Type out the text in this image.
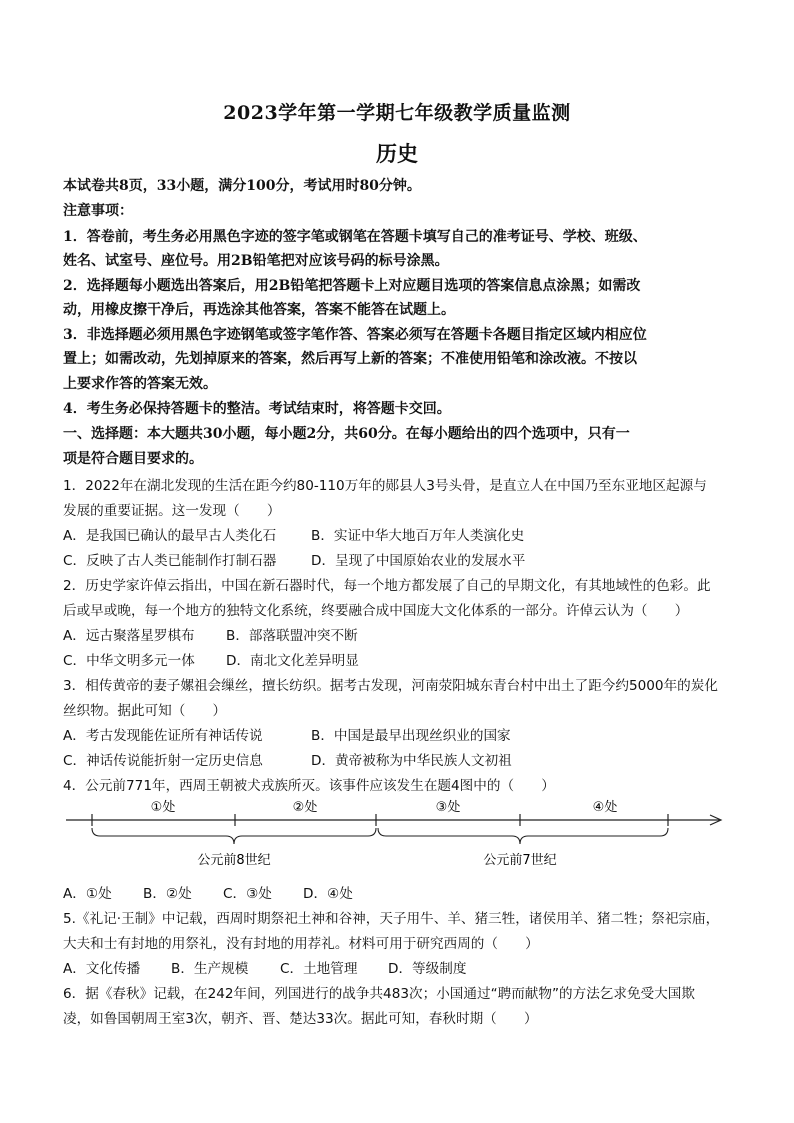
2023学年第一学期七年级教学质量监测
历史
本试卷共8页，33小题，满分100分，考试用时80分钟。
注意事项：
1．答卷前，考生务必用黑色字迹的签字笔或钢笔在答题卡填写自己的准考证号、学校、班级、
姓名、试室号、座位号。用2B铅笔把对应该号码的标号涂黑。
2．选择题每小题选出答案后，用2B铅笔把答题卡上对应题目选项的答案信息点涂黑；如需改
动，用橡皮擦干净后，再选涂其他答案，答案不能答在试题上。
3．非选择题必须用黑色字迹钢笔或签字笔作答、答案必须写在答题卡各题目指定区域内相应位
置上；如需改动，先划掉原来的答案，然后再写上新的答案；不准使用铅笔和涂改液。不按以
上要求作答的答案无效。
4．考生务必保持答题卡的整洁。考试结束时，将答题卡交回。
一、选择题：本大题共30小题，每小题2分，共60分。在每小题给出的四个选项中，只有一
项是符合题目要求的。
1．2022年在湖北发现的生活在距今约80-110万年的郧县人3号头骨，是直立人在中国乃至东亚地区起源与
发展的重要证据。这一发现（　　）
A．是我国已确认的最早古人类化石	B．实证中华大地百万年人类演化史
C．反映了古人类已能制作打制石器	D．呈现了中国原始农业的发展水平
2．历史学家许倬云指出，中国在新石器时代，每一个地方都发展了自己的早期文化，有其地域性的色彩。此
后或早或晚，每一个地方的独特文化系统，终要融合成中国庞大文化体系的一部分。许倬云认为（　　）
A．远古聚落星罗棋布 B．部落联盟冲突不断
C．中华文明多元一体 D．南北文化差异明显
3．相传黄帝的妻子嫘祖会缫丝，擅长纺织。据考古发现，河南荥阳城东青台村中出土了距今约5000年的炭化
丝织物。据此可知（　　）
A．考古发现能佐证所有神话传说	B．中国是最早出现丝织业的国家
C．神话传说能折射一定历史信息	D．黄帝被称为中华民族人文初祖
4．公元前771年，西周王朝被犬戎族所灭。该事件应该发生在题4图中的（　　）
①处	②处	③处	④处
公元前8世纪	公元前7世纪
A．①处 B．②处 C．③处 D．④处
5.《礼记·王制》中记载，西周时期祭祀土神和谷神，天子用牛、羊、猪三牲，诸侯用羊、猪二牲；祭祀宗庙，
大夫和士有封地的用祭礼，没有封地的用荐礼。材料可用于研究西周的（　　）
A．文化传播 B．生产规模 C．土地管理 D．等级制度
6．据《春秋》记载，在242年间，列国进行的战争共483次；小国通过“聘而献物”的方法乞求免受大国欺
凌，如鲁国朝周王室3次，朝齐、晋、楚达33次。据此可知，春秋时期（　　）
